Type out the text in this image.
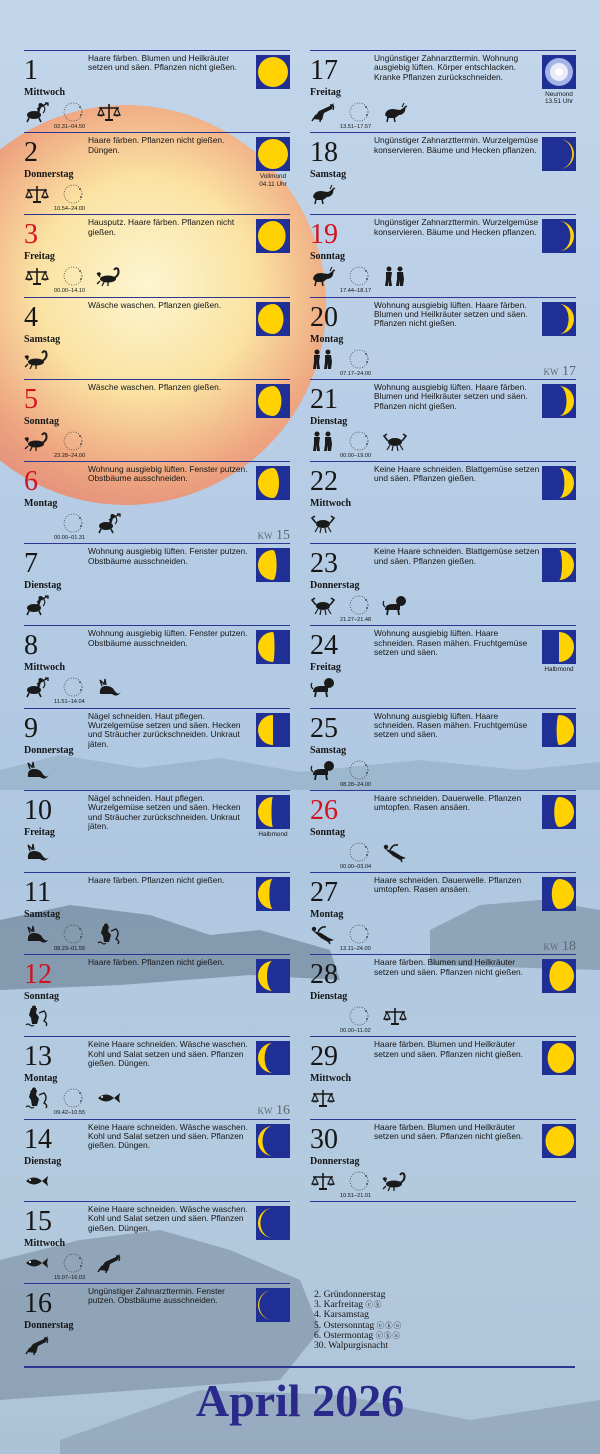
1
Mittwoch
Haare färben. Blumen und Heilkräuter setzen und säen. Pflanzen nicht gießen.
02.31–04.50
2
Donnerstag
Haare färben. Pflanzen nicht gießen. Düngen.
Vollmond
04.11 Uhr
10.54–24.00
3
Freitag
Hausputz. Haare färben. Pflanzen nicht gießen.
00.00–14.10
4
Samstag
Wäsche waschen. Pflanzen gießen.
5
Sonntag
Wäsche waschen. Pflanzen gießen.
23.28–24.00
6
Montag
Wohnung ausgiebig lüften. Fenster putzen. Obstbäume ausschneiden.
00.00–01.31	KW 15
7
Dienstag
Wohnung ausgiebig lüften. Fenster putzen. Obstbäume ausschneiden.
8
Mittwoch
Wohnung ausgiebig lüften. Fenster putzen. Obstbäume ausschneiden.
11.51–14.04
9
Donnerstag
Nägel schneiden. Haut pflegen. Wurzelgemüse setzen und säen. Hecken und Sträucher zurückschneiden. Unkraut jäten.
10
Freitag
Nägel schneiden. Haut pflegen. Wurzelgemüse setzen und säen. Hecken und Sträucher zurückschneiden. Unkraut jäten.
Halbmond
11
Samstag
Haare färben. Pflanzen nicht gießen.
08.23–01.55
12
Sonntag
Haare färben. Pflanzen nicht gießen.
13
Montag
Keine Haare schneiden. Wäsche waschen. Kohl und Salat setzen und säen. Pflanzen gießen. Düngen.
09.42–10.55	KW 16
14
Dienstag
Keine Haare schneiden. Wäsche waschen. Kohl und Salat setzen und säen. Pflanzen gießen. Düngen.
15
Mittwoch
Keine Haare schneiden. Wäsche waschen. Kohl und Salat setzen und säen. Pflanzen gießen. Düngen.
15.07–16.03
16
Donnerstag
Ungünstiger Zahnarzttermin. Fenster putzen. Obstbäume ausschneiden.
17
Freitag
Ungünstiger Zahnarzttermin. Wohnung ausgiebig lüften. Körper entschlacken. Kranke Pflanzen zurückschneiden.
Neumond
13.51 Uhr
13.51–17.57
18
Samstag
Ungünstiger Zahnarzttermin. Wurzelgemüse konservieren. Bäume und Hecken pflanzen.
19
Sonntag
Ungünstiger Zahnarzttermin. Wurzelgemüse konservieren. Bäume und Hecken pflanzen.
17.44–18.17
20
Montag
Wohnung ausgiebig lüften. Haare färben. Blumen und Heilkräuter setzen und säen. Pflanzen nicht gießen.
07.17–24.00	KW 17
21
Dienstag
Wohnung ausgiebig lüften. Haare färben. Blumen und Heilkräuter setzen und säen. Pflanzen nicht gießen.
00.00–19.00
22
Mittwoch
Keine Haare schneiden. Blattgemüse setzen und säen. Pflanzen gießen.
23
Donnerstag
Keine Haare schneiden. Blattgemüse setzen und säen. Pflanzen gießen.
21.27–21.48
24
Freitag
Wohnung ausgiebig lüften. Haare schneiden. Rasen mähen. Fruchtgemüse setzen und säen.
Halbmond
25
Samstag
Wohnung ausgiebig lüften. Haare schneiden. Rasen mähen. Fruchtgemüse setzen und säen.
08.28–24.00
26
Sonntag
Haare schneiden. Dauerwelle. Pflanzen umtopfen. Rasen ansäen.
00.00–03.04
27
Montag
Haare schneiden. Dauerwelle. Pflanzen umtopfen. Rasen ansäen.
13.11–24.00	KW 18
28
Dienstag
Haare färben. Blumen und Heilkräuter setzen und säen. Pflanzen nicht gießen.
00.00–11.02
29
Mittwoch
Haare färben. Blumen und Heilkräuter setzen und säen. Pflanzen nicht gießen.
30
Donnerstag
Haare färben. Blumen und Heilkräuter setzen und säen. Pflanzen nicht gießen.
10.51–21.01
2. Gründonnerstag
3. Karfreitag ⓔⓚ
4. Karsamstag
5. Ostersonntag ⓔⓚⓐ
6. Ostermontag ⓔⓚⓐ
30. Walpurgisnacht
April 2026
